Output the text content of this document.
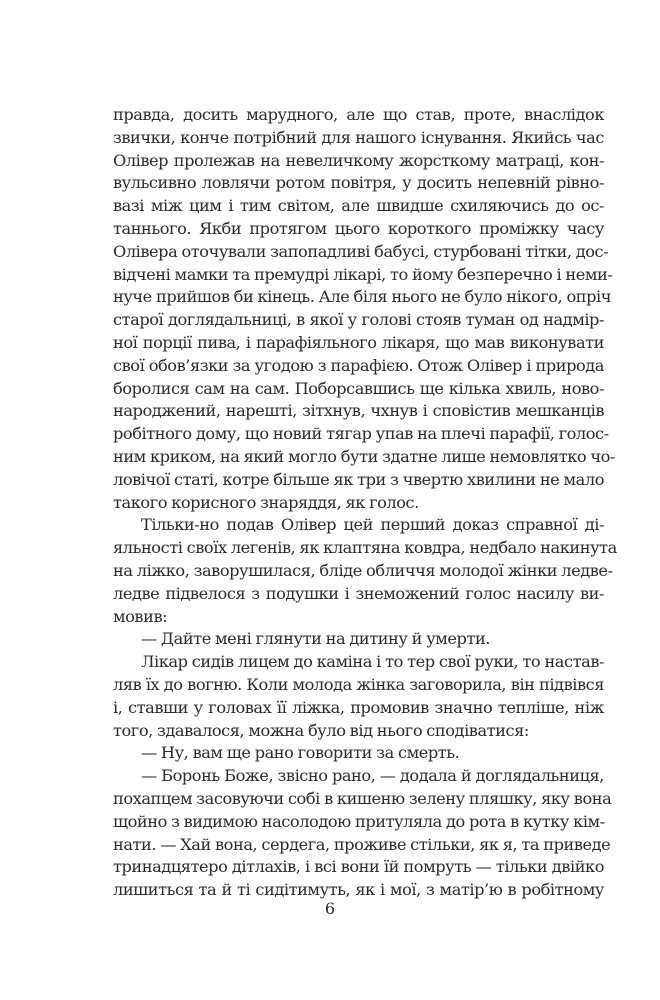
правда, досить марудного, але що став, проте, внаслідок
звички, конче потрібний для нашого існування. Якийсь час
Олівер пролежав на невеличкому жорсткому матраці, кон-
вульсивно ловлячи ротом повітря, у досить непевній рівно-
вазі між цим і тим світом, але швидше схиляючись до ос-
таннього. Якби протягом цього короткого проміжку часу
Олівера оточували запопадливі бабусі, стурбовані тітки, дос-
відчені мамки та премудрі лікарі, то йому безперечно і неми-
нуче прийшов би кінець. Але біля нього не було нікого, опріч
старої доглядальниці, в якої у голові стояв туман од надмір-
ної порції пива, і парафіяльного лікаря, що мав виконувати
свої обов’язки за угодою з парафією. Отож Олівер і природа
боролися сам на сам. Поборсавшись ще кілька хвиль, ново-
народжений, нарешті, зітхнув, чхнув і сповістив мешканців
робітного дому, що новий тягар упав на плечі парафії, голос-
ним криком, на який могло бути здатне лише немовлятко чо-
ловічої статі, котре більше як три з чвертю хвилини не мало
такого корисного знаряддя, як голос.
Тільки-но подав Олівер цей перший доказ справної ді-
яльності своїх легенів, як клаптяна ковдра, недбало накинута
на ліжко, заворушилася, бліде обличчя молодої жінки ледве-
ледве підвелося з подушки і знеможений голос насилу ви-
мовив:
— Дайте мені глянути на дитину й умерти.
Лікар сидів лицем до каміна і то тер свої руки, то настав-
ляв їх до вогню. Коли молода жінка заговорила, він підвівся
і, ставши у головах її ліжка, промовив значно тепліше, ніж
того, здавалося, можна було від нього сподіватися:
— Ну, вам ще рано говорити за смерть.
— Боронь Боже, звісно рано, — додала й доглядальниця,
похапцем засовуючи собі в кишеню зелену пляшку, яку вона
щойно з видимою насолодою притуляла до рота в кутку кім-
нати. — Хай вона, сердега, проживе стільки, як я, та приведе
тринадцятеро дітлахів, і всі вони їй помруть — тільки двійко
лишиться та й ті сидітимуть, як і мої, з матір’ю в робітному
6
